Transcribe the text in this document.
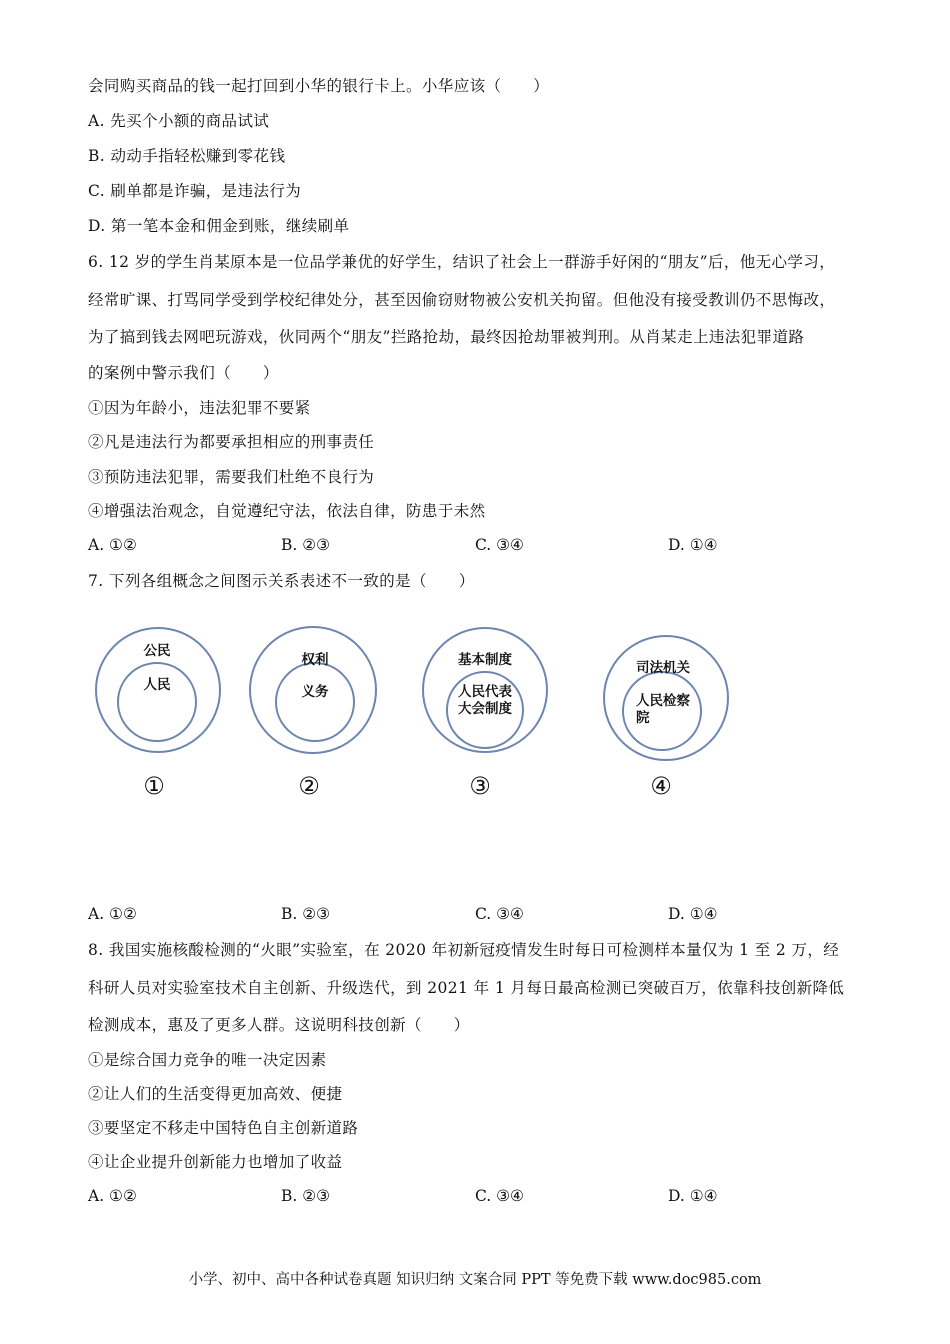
会同购买商品的钱一起打回到小华的银行卡上。小华应该（　　）
A. 先买个小额的商品试试
B. 动动手指轻松赚到零花钱
C. 刷单都是诈骗，是违法行为
D. 第一笔本金和佣金到账，继续刷单
6. 12 岁的学生肖某原本是一位品学兼优的好学生，结识了社会上一群游手好闲的“朋友”后，他无心学习，
经常旷课、打骂同学受到学校纪律处分，甚至因偷窃财物被公安机关拘留。但他没有接受教训仍不思悔改，
为了搞到钱去网吧玩游戏，伙同两个“朋友”拦路抢劫，最终因抢劫罪被判刑。从肖某走上违法犯罪道路
的案例中警示我们（　　）
①因为年龄小，违法犯罪不要紧
②凡是违法行为都要承担相应的刑事责任
③预防违法犯罪，需要我们杜绝不良行为
④增强法治观念，自觉遵纪守法，依法自律，防患于未然
A. ①②	B. ②③	C. ③④	D. ①④
7. 下列各组概念之间图示关系表述不一致的是（　　）
公民
人民
①
权利
义务
②
基本制度
人民代表
大会制度
③
司法机关
人民检察
院
④
A. ①②	B. ②③	C. ③④	D. ①④
8. 我国实施核酸检测的“火眼”实验室，在 2020 年初新冠疫情发生时每日可检测样本量仅为 1 至 2 万，经
科研人员对实验室技术自主创新、升级迭代，到 2021 年 1 月每日最高检测已突破百万，依靠科技创新降低
检测成本，惠及了更多人群。这说明科技创新（　　）
①是综合国力竞争的唯一决定因素
②让人们的生活变得更加高效、便捷
③要坚定不移走中国特色自主创新道路
④让企业提升创新能力也增加了收益
A. ①②	B. ②③	C. ③④	D. ①④
小学、初中、高中各种试卷真题 知识归纳 文案合同 PPT 等免费下载 www.doc985.com
